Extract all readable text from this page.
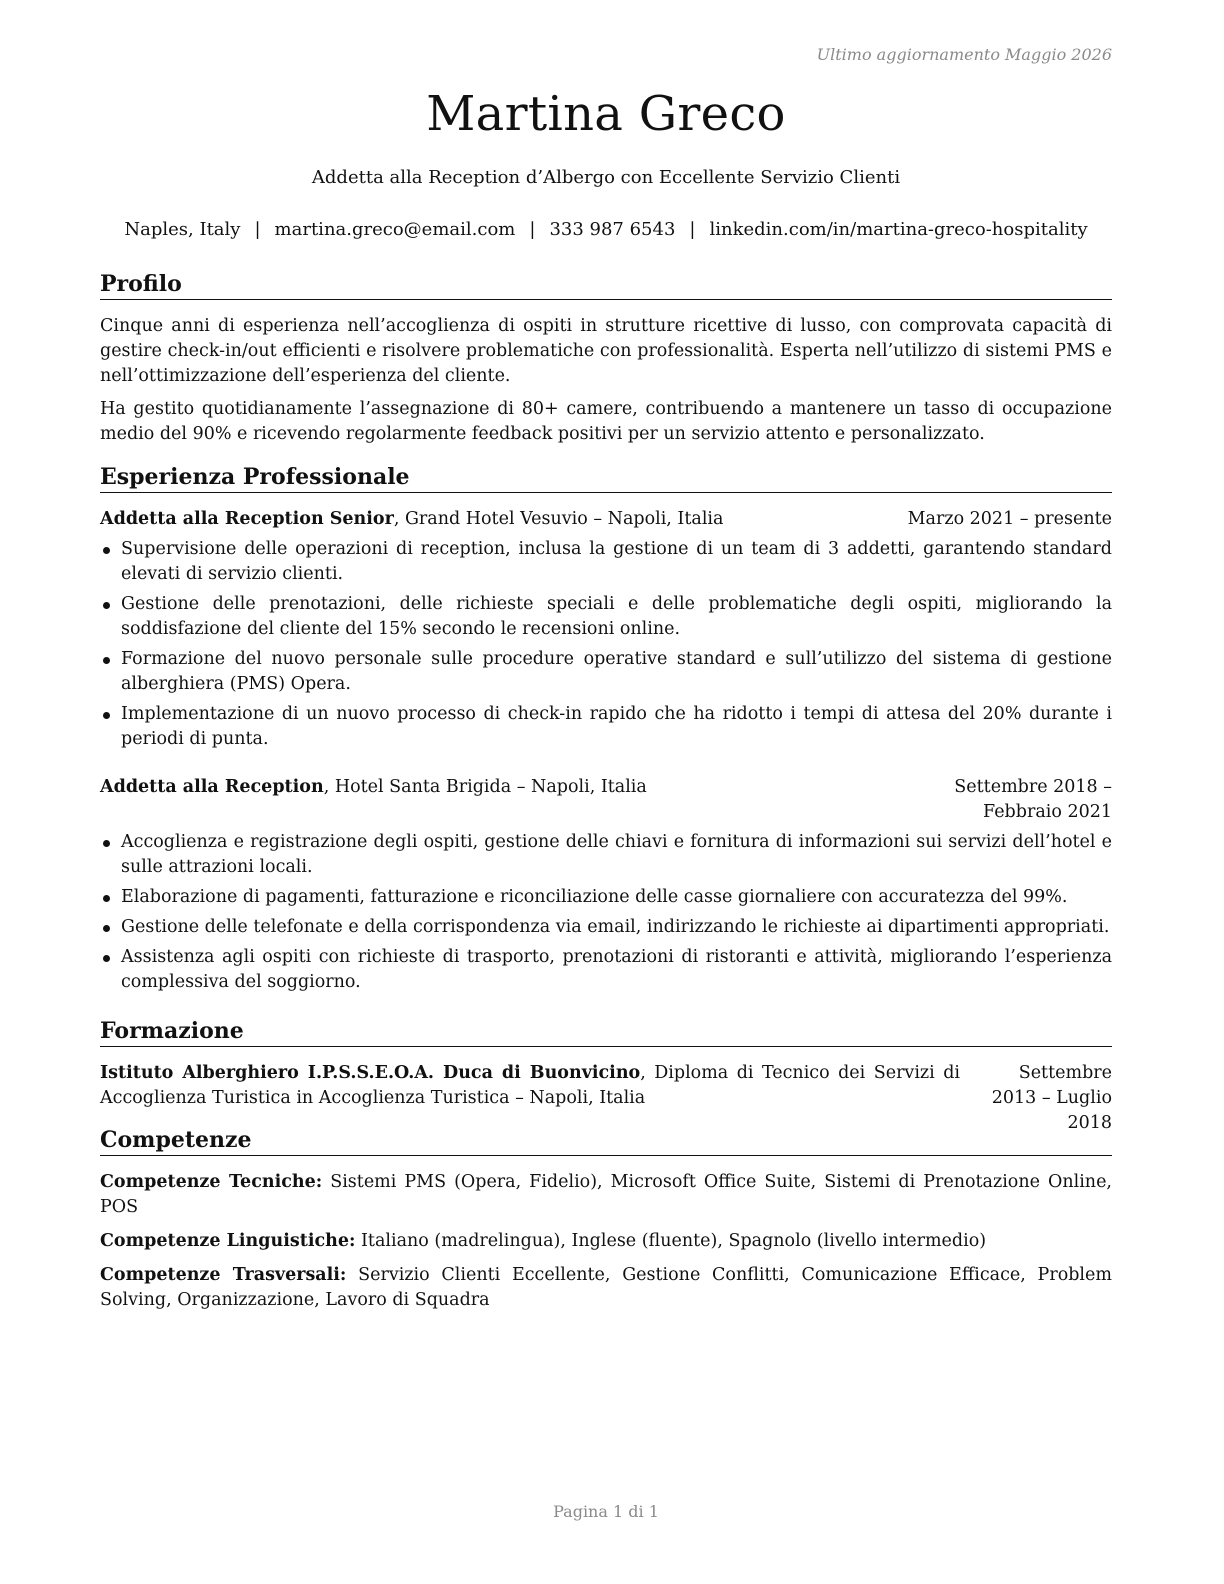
Ultimo aggiornamento Maggio 2026
Martina Greco
Addetta alla Reception d’Albergo con Eccellente Servizio Clienti
Naples, Italy | martina.greco@email.com | 333 987 6543 | linkedin.com/in/martina-greco-hospitality
Profilo

Cinque anni di esperienza nell’accoglienza di ospiti in strutture ricettive di lusso, con comprovata capacità di gestire check-in/out efficienti e risolvere problematiche con professionalità. Esperta nell’utilizzo di sistemi PMS e nell’ottimizzazione dell’esperienza del cliente.

Ha gestito quotidianamente l’assegnazione di 80+ camere, contribuendo a mantenere un tasso di occupazione medio del 90% e ricevendo regolarmente feedback positivi per un servizio attento e personalizzato.

Esperienza Professionale
Addetta alla Reception Senior, Grand Hotel Vesuvio – Napoli, Italia	Marzo 2021 – presente
Supervisione delle operazioni di reception, inclusa la gestione di un team di 3 addetti, garantendo standard elevati di servizio clienti.
Gestione delle prenotazioni, delle richieste speciali e delle problematiche degli ospiti, migliorando la soddisfazione del cliente del 15% secondo le recensioni online.
Formazione del nuovo personale sulle procedure operative standard e sull’utilizzo del sistema di gestione alberghiera (PMS) Opera.
Implementazione di un nuovo processo di check-in rapido che ha ridotto i tempi di attesa del 20% durante i periodi di punta.
Addetta alla Reception, Hotel Santa Brigida – Napoli, Italia	Settembre 2018 – Febbraio 2021
Accoglienza e registrazione degli ospiti, gestione delle chiavi e fornitura di informazioni sui servizi dell’hotel e sulle attrazioni locali.
Elaborazione di pagamenti, fatturazione e riconciliazione delle casse giornaliere con accuratezza del 99%.
Gestione delle telefonate e della corrispondenza via email, indirizzando le richieste ai dipartimenti appropriati.
Assistenza agli ospiti con richieste di trasporto, prenotazioni di ristoranti e attività, migliorando l’esperienza complessiva del soggiorno.
Formazione
Istituto Alberghiero I.P.S.S.E.O.A. Duca di Buonvicino, Diploma di Tecnico dei Servizi di Accoglienza Turistica in Accoglienza Turistica – Napoli, Italia
Settembre 2013 – Luglio 2018
Competenze
Competenze Tecniche: Sistemi PMS (Opera, Fidelio), Microsoft Office Suite, Sistemi di Prenotazione Online, POS
Competenze Linguistiche: Italiano (madrelingua), Inglese (fluente), Spagnolo (livello intermedio)
Competenze Trasversali: Servizio Clienti Eccellente, Gestione Conflitti, Comunicazione Efficace, Problem Solving, Organizzazione, Lavoro di Squadra
Pagina 1 di 1
